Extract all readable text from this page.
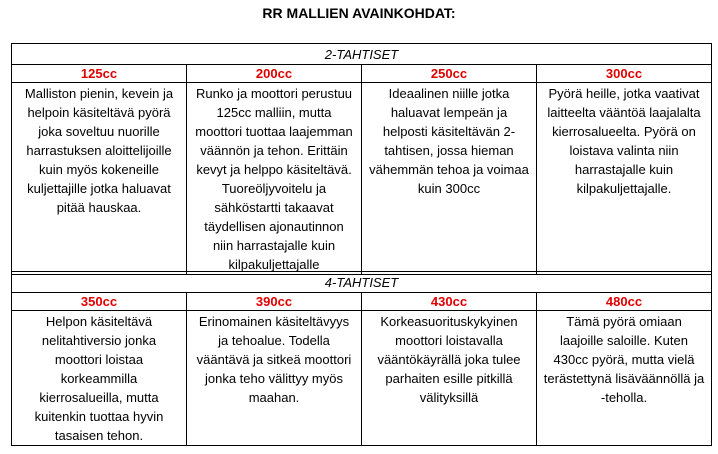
RR MALLIEN AVAINKOHDAT:
2-TAHTISET			
125cc	200cc	250cc	300cc
Malliston pienin, kevein ja helpoin käsiteltävä pyörä joka soveltuu nuorille harrastuksen aloittelijoille kuin myös kokeneille kuljettajille jotka haluavat pitää hauskaa.	Runko ja moottori perustuu 125cc malliin, mutta moottori tuottaa laajemman väännön ja tehon. Erittäin kevyt ja helppo käsiteltävä. Tuoreöljyvoitelu ja sähköstartti takaavat täydellisen ajonautinnon niin harrastajalle kuin kilpakuljettajalle	Ideaalinen niille jotka haluavat lempeän ja helposti käsiteltävän 2-tahtisen, jossa hieman vähemmän tehoa ja voimaa kuin 300cc	Pyörä heille, jotka vaativat laitteelta vääntöä laajalalta kierrosalueelta. Pyörä on loistava valinta niin harrastajalle kuin kilpakuljettajalle.
4-TAHTISET			
350cc	390cc	430cc	480cc
Helpon käsiteltävä nelitahtiversio jonka moottori loistaa korkeammilla kierrosalueilla, mutta kuitenkin tuottaa hyvin tasaisen tehon.	Erinomainen käsiteltävyys ja tehoalue. Todella vääntävä ja sitkeä moottori jonka teho välittyy myös maahan.	Korkeasuorituskykyinen moottori loistavalla vääntökäyrällä joka tulee parhaiten esille pitkillä välityksillä	Tämä pyörä omiaan laajoille saloille. Kuten 430cc pyörä, mutta vielä terästettynä lisäväännöllä ja -teholla.
